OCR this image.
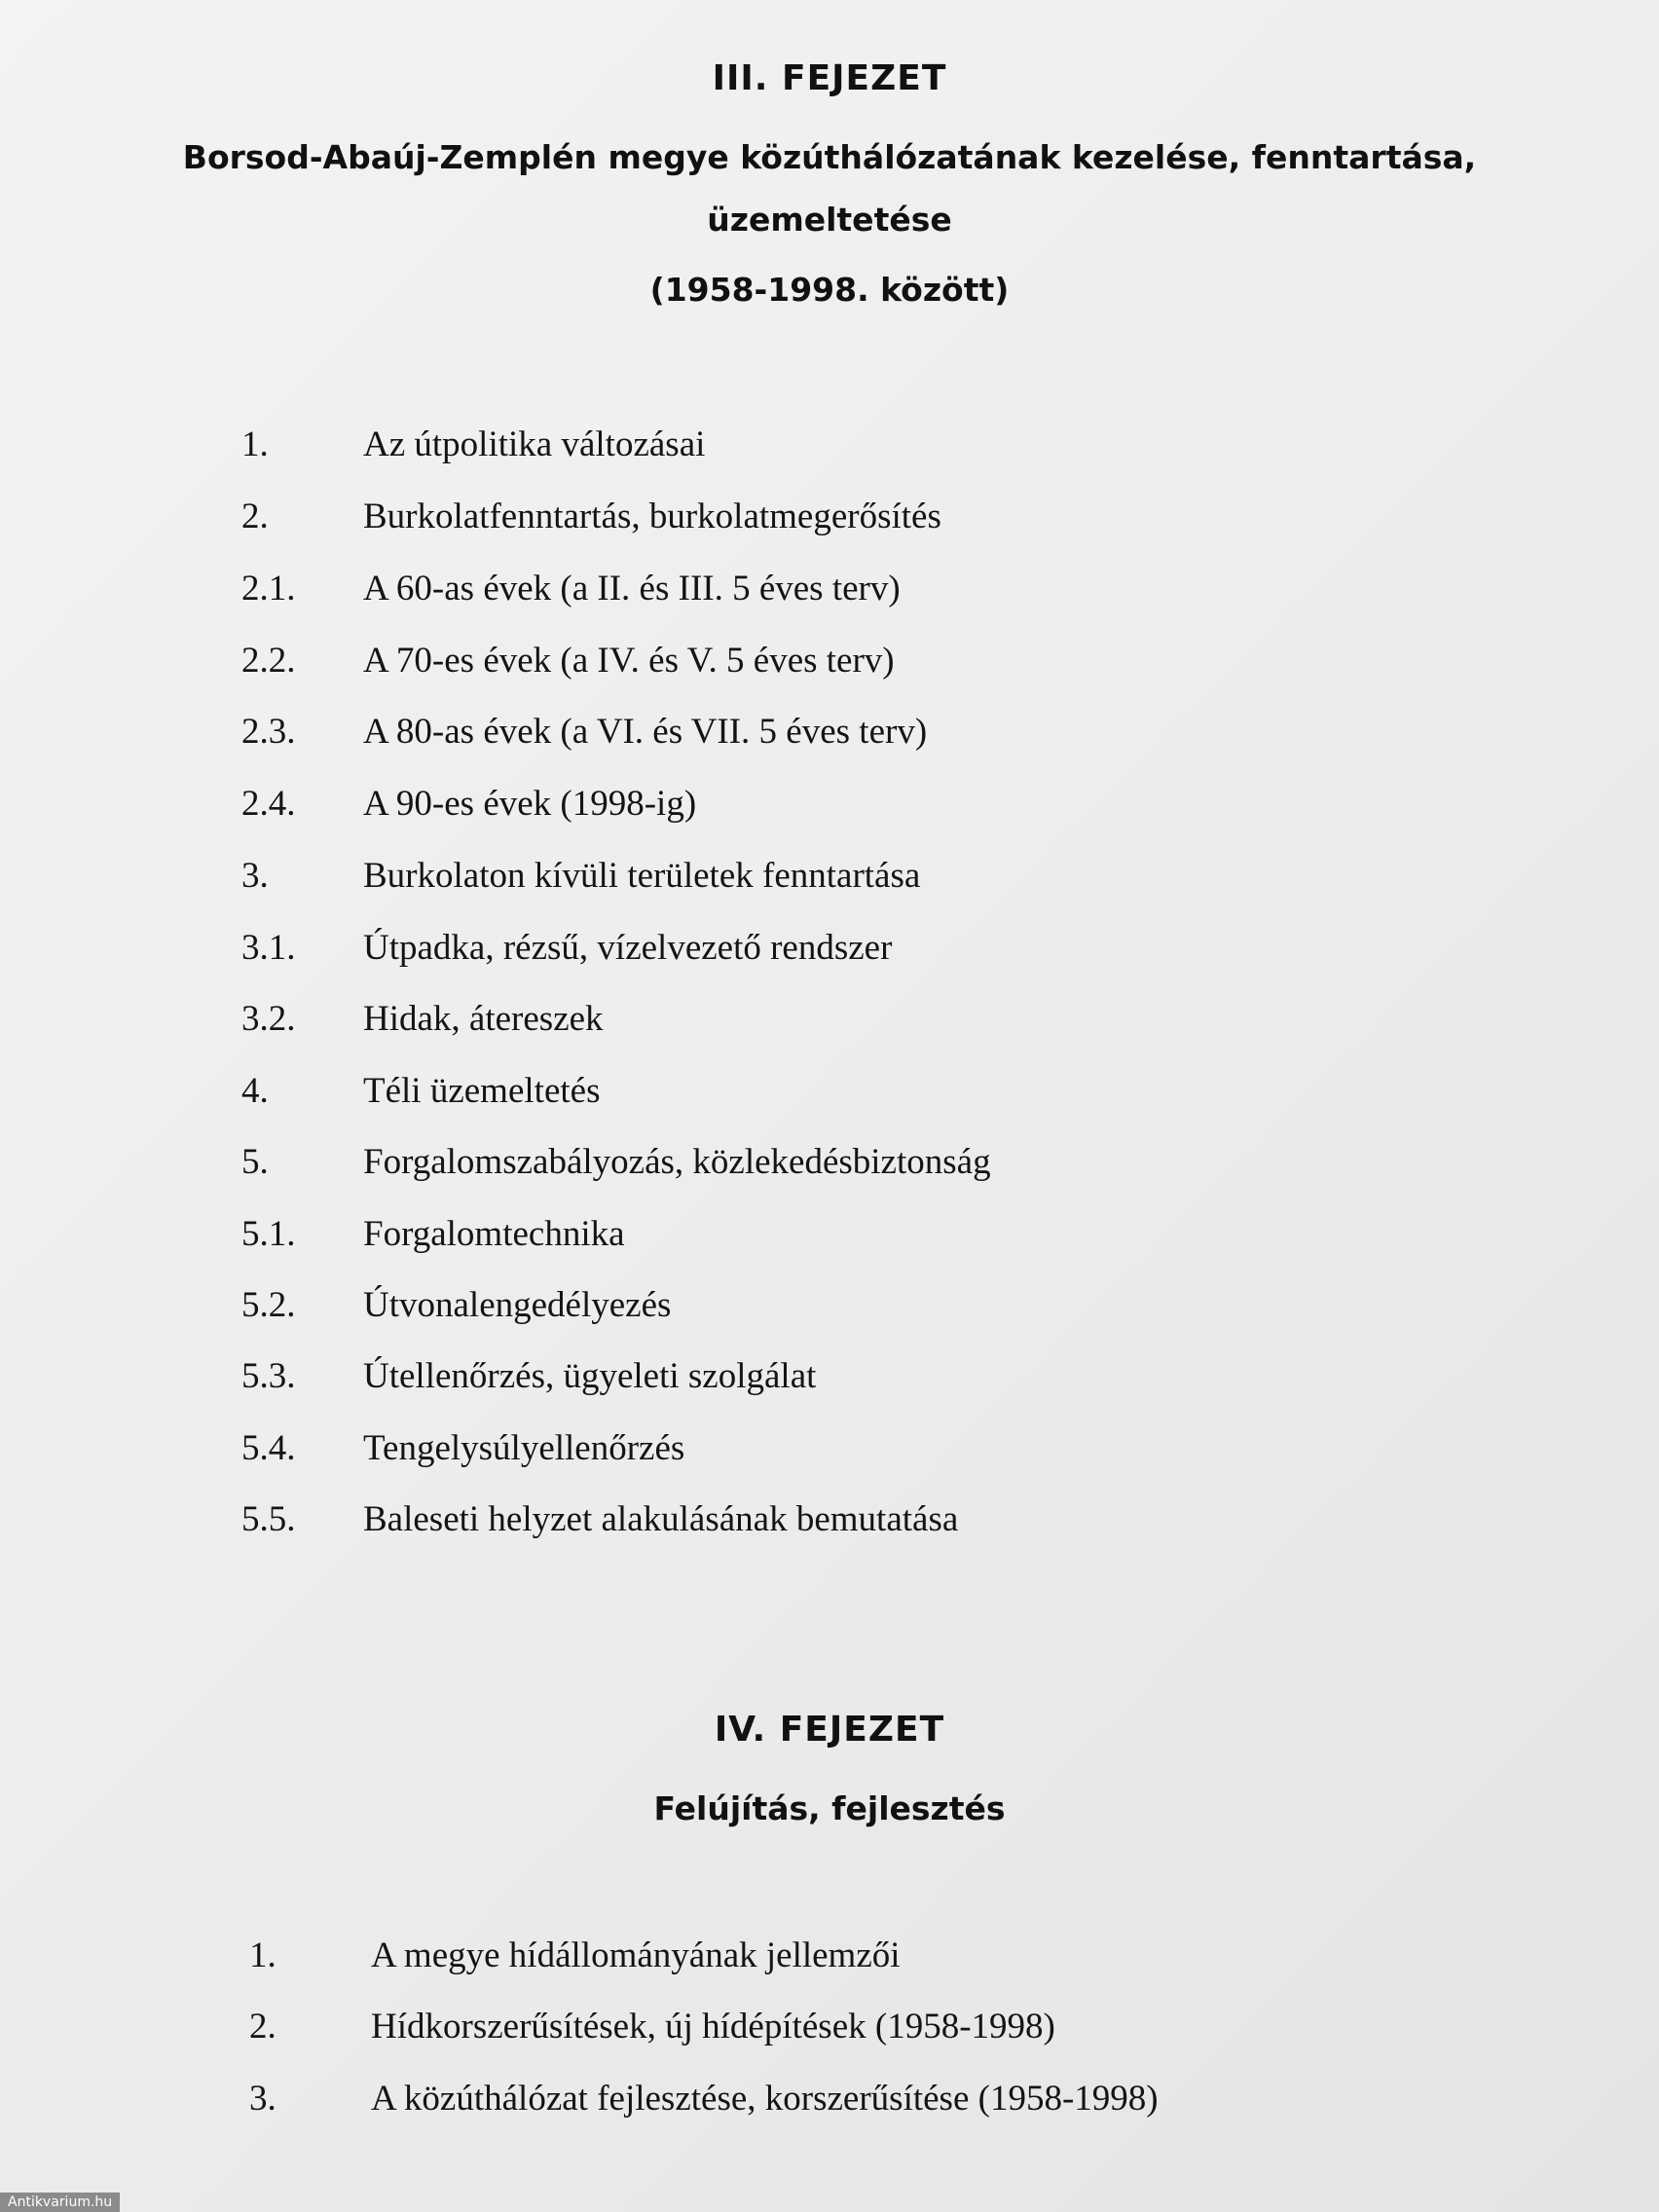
III. FEJEZET
Borsod-Abaúj-Zemplén megye közúthálózatának kezelése, fenntartása,
üzemeltetése
(1958-1998. között)
1.	Az útpolitika változásai
2.	Burkolatfenntartás, burkolatmegerősítés
2.1.	A 60-as évek (a II. és III. 5 éves terv)
2.2.	A 70-es évek (a IV. és V. 5 éves terv)
2.3.	A 80-as évek (a VI. és VII. 5 éves terv)
2.4.	A 90-es évek (1998-ig)
3.	Burkolaton kívüli területek fenntartása
3.1.	Útpadka, rézsű, vízelvezető rendszer
3.2.	Hidak, átereszek
4.	Téli üzemeltetés
5.	Forgalomszabályozás, közlekedésbiztonság
5.1.	Forgalomtechnika
5.2.	Útvonalengedélyezés
5.3.	Útellenőrzés, ügyeleti szolgálat
5.4.	Tengelysúlyellenőrzés
5.5.	Baleseti helyzet alakulásának bemutatása
IV. FEJEZET
Felújítás, fejlesztés
1.	A megye hídállományának jellemzői
2.	Hídkorszerűsítések, új hídépítések (1958-1998)
3.	A közúthálózat fejlesztése, korszerűsítése (1958-1998)
Antikvarium.hu
